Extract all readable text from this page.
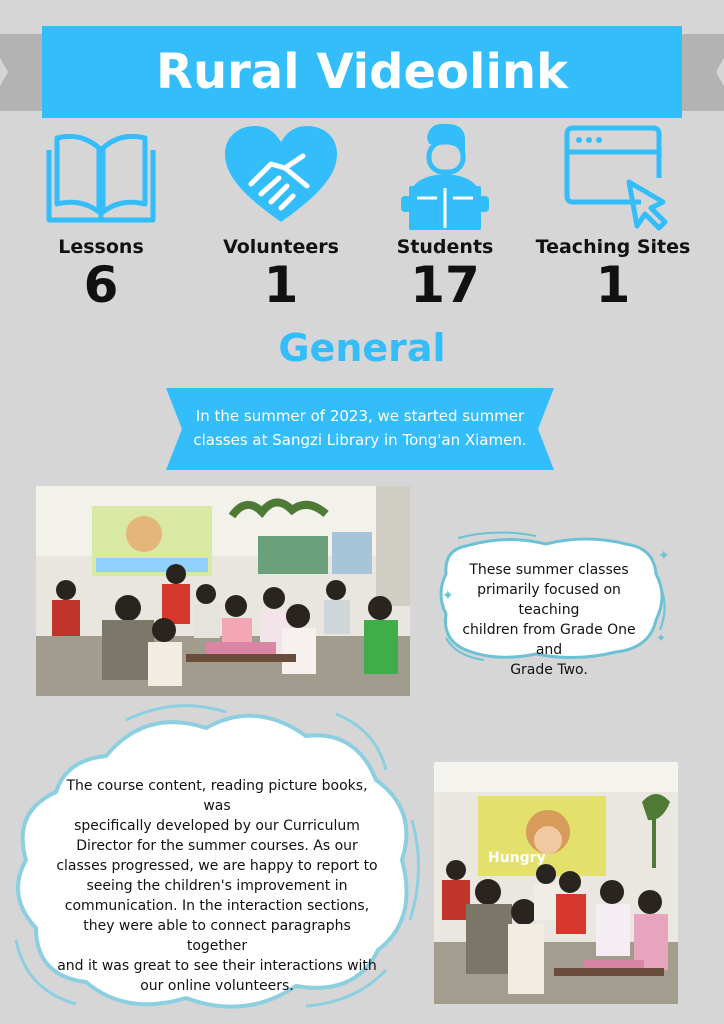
Rural Videolink
Lessons
6
Volunteers
1
Students
17
Teaching Sites
1
General
In the summer of 2023, we started summer
classes at Sangzi Library in Tong'an Xiamen.
✦
✦
✦
These summer classes
primarily focused on teaching
children from Grade One and
Grade Two.
The course content, reading picture books, was
specifically developed by our Curriculum
Director for the summer courses. As our
classes progressed, we are happy to report to
seeing the children's improvement in
communication. In the interaction sections,
they were able to connect paragraphs together
and it was great to see their interactions with
our online volunteers.
Hungry
